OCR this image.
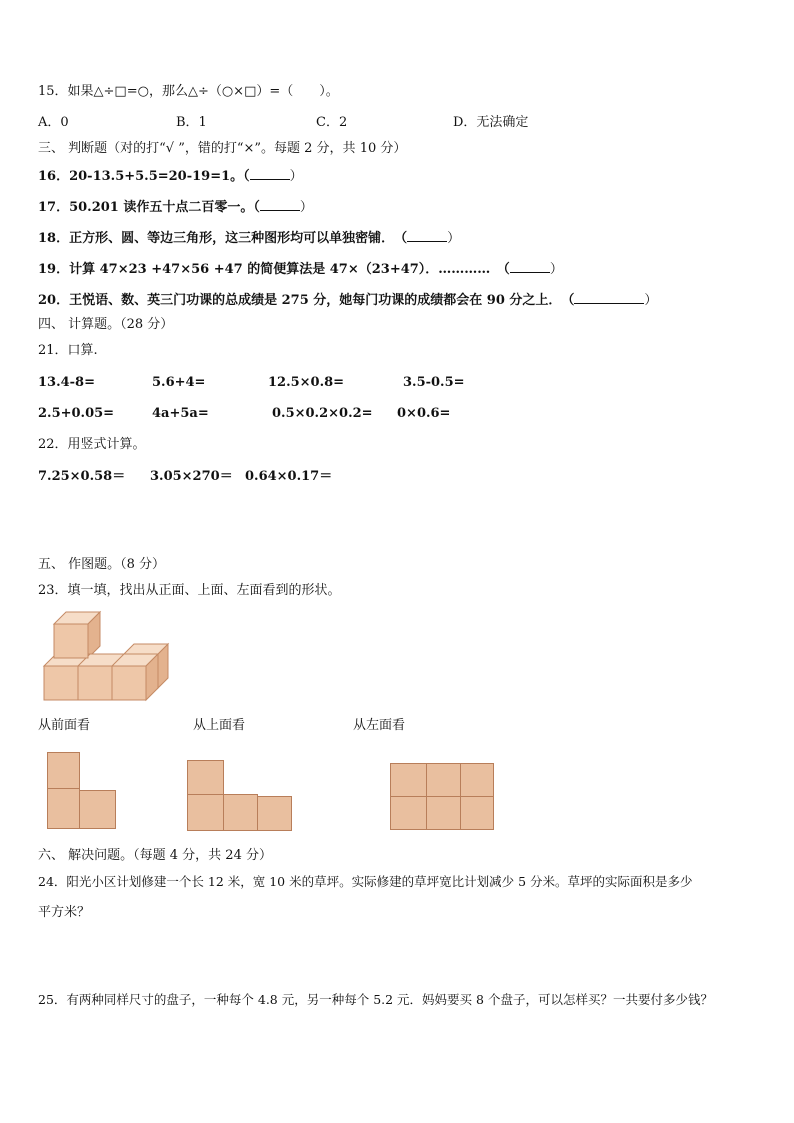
15．如果△÷□=○，那么△÷（○×□）=（　　）。
A．0	B．1	C．2	D．无法确定
三、 判断题（对的打“√ ”，错的打“×”。每题 2 分，共 10 分）
16．20-13.5+5.5=20-19=1。（	）
17．50.201 读作五十点二百零一。（	）
18．正方形、圆、等边三角形，这三种图形均可以单独密铺．　（	）
19．计算 47×23 +47×56 +47 的简便算法是 47×（23+47）．…………　（	）
20．王悦语、数、英三门功课的总成绩是 275 分，她每门功课的成绩都会在 90 分之上．　（	）
四、 计算题。（28 分）
21．口算.
13.4-8=	5.6+4=	12.5×0.8=	3.5-0.5=
2.5+0.05=	4a+5a=	0.5×0.2×0.2= 0×0.6=
22．用竖式计算。
7.25×0.58＝ 3.05×270＝ 0.64×0.17＝
五、 作图题。（8 分）
23．填一填，找出从正面、上面、左面看到的形状。
从前面看	从上面看	从左面看
六、 解决问题。（每题 4 分，共 24 分）
24．阳光小区计划修建一个长 12 米，宽 10 米的草坪。实际修建的草坪宽比计划减少 5 分米。草坪的实际面积是多少
平方米？
25．有两种同样尺寸的盘子，一种每个 4.8 元，另一种每个 5.2 元．妈妈要买 8 个盘子，可以怎样买？一共要付多少钱？
